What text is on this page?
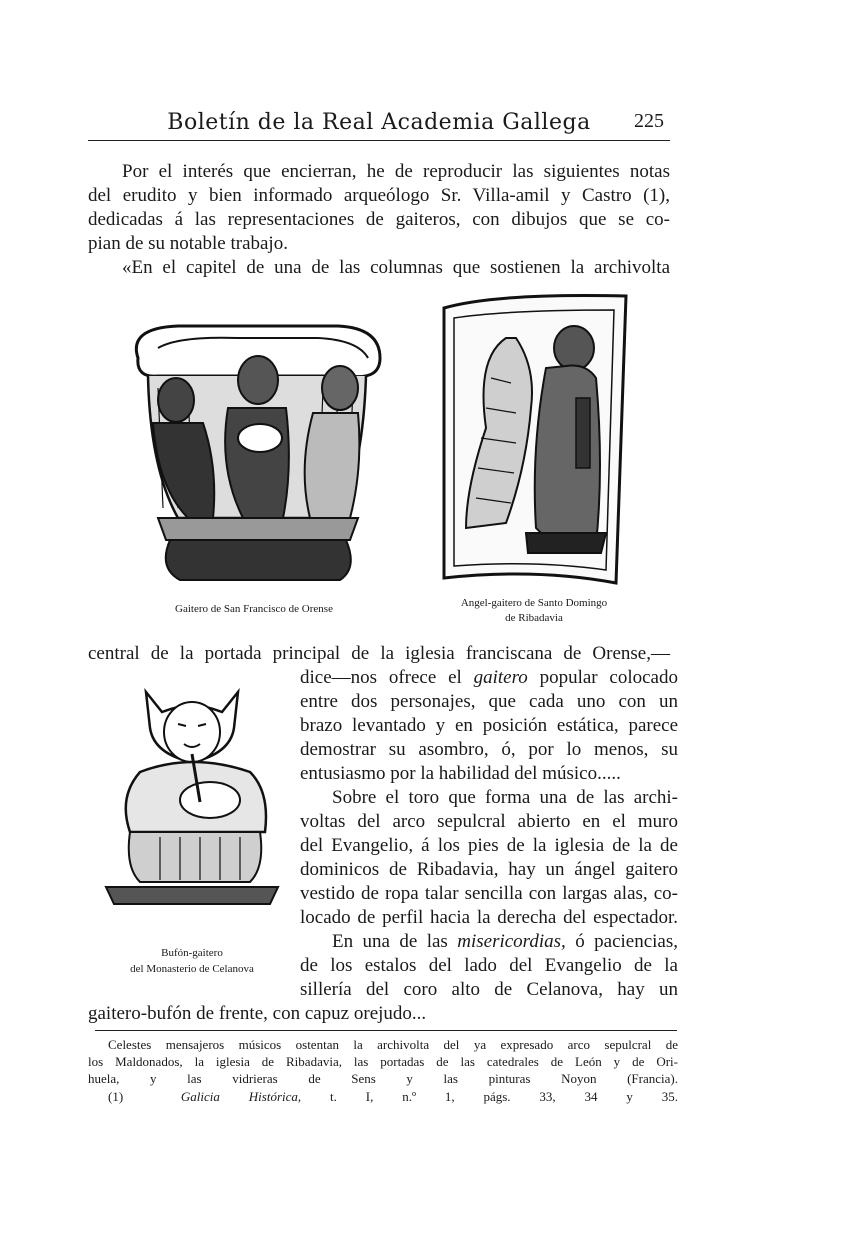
Boletín de la Real Academia Gallega	225
Por el interés que encierran, he de reproducir las siguientes notas
del erudito y bien informado arqueólogo Sr. Villa-amil y Castro (1),
dedicadas á las representaciones de gaiteros, con dibujos que se co-
pian de su notable trabajo.
«En el capitel de una de las columnas que sostienen la archivolta
Gaitero de San Francisco de Orense	Angel-gaitero de Santo Domingo
de Ribadavia
central de la portada principal de la iglesia franciscana de Orense,—
dice—nos ofrece el gaitero popular colocado
entre dos personajes, que cada uno con un
brazo levantado y en posición estática, parece
demostrar su asombro, ó, por lo menos, su
entusiasmo por la habilidad del músico.....
Sobre el toro que forma una de las archi-
voltas del arco sepulcral abierto en el muro
del Evangelio, á los pies de la iglesia de la de
dominicos de Ribadavia, hay un ángel gaitero
vestido de ropa talar sencilla con largas alas, co-
locado de perfil hacia la derecha del espectador.
En una de las misericordias, ó paciencias,
de los estalos del lado del Evangelio de la
sillería del coro alto de Celanova, hay un
gaitero-bufón de frente, con capuz orejudo...
Bufón-gaitero
del Monasterio de Celanova
Celestes mensajeros músicos ostentan la archivolta del ya expresado arco sepulcral de
los Maldonados, la iglesia de Ribadavia, las portadas de las catedrales de León y de Ori-
huela, y las vidrieras de Sens y las pinturas Noyon (Francia).
(1)	Galicia Histórica, t. I, n.º 1, págs. 33, 34 y 35.
